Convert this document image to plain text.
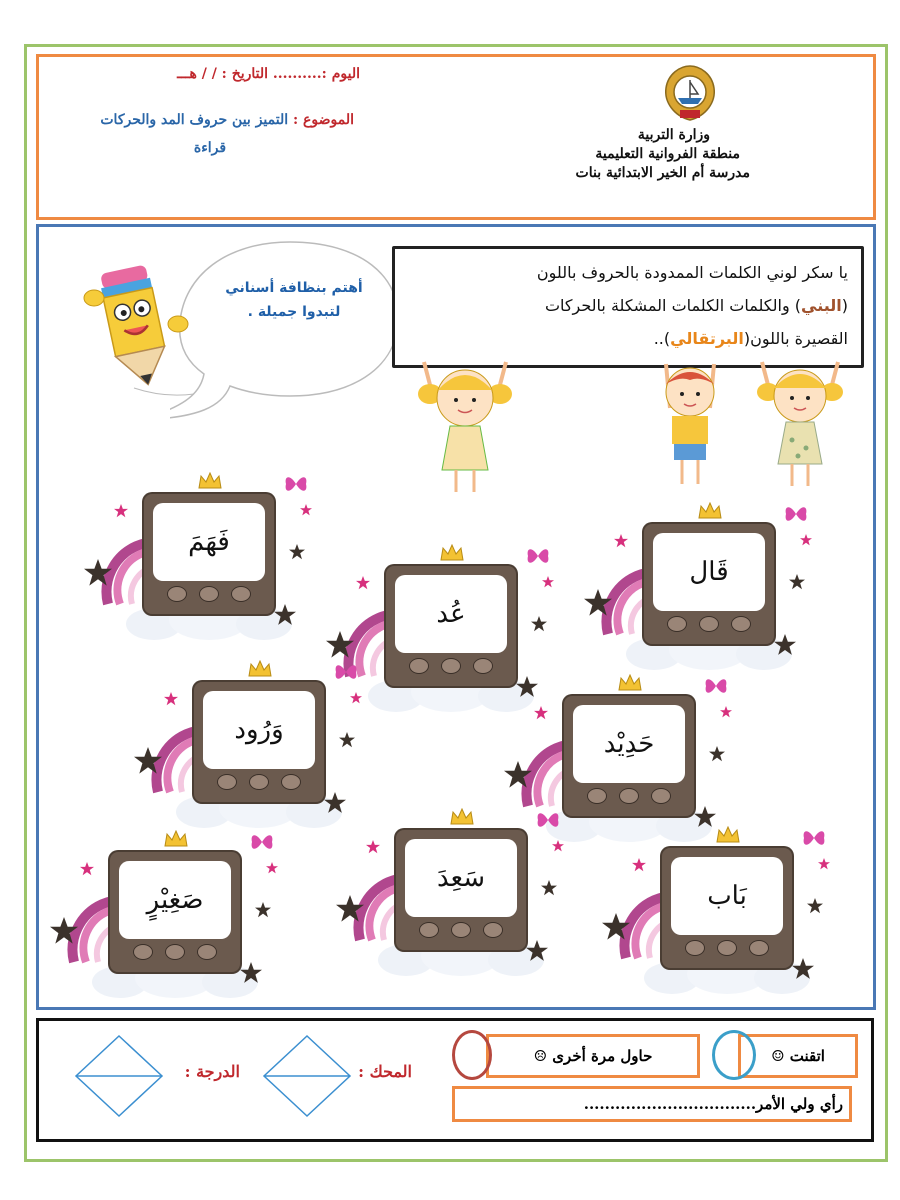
اليوم :.......... التاريخ : / / هـــ
الموضوع : التميز بين حروف المد والحركات
قراءة
وزارة التربية
منطقة الفروانية التعليمية
مدرسة أم الخير الابتدائية بنات
أهتم بنظافة أسناني
لتبدوا جميلة .
يا سكر لوني الكلمات الممدودة بالحروف باللون
(البني) والكلمات الكلمات المشكلة بالحركات
القصيرة باللون(البرتقالي)..
فَهَمَ
قَال
عُد
وَرُود	حَدِيْد
صَغِيْرٍ
سَعِدَ
بَاب
اتقنت ☺
حاول مرة أخرى ☹
رأي ولي الأمر.................................
المحك :
الدرجة :
